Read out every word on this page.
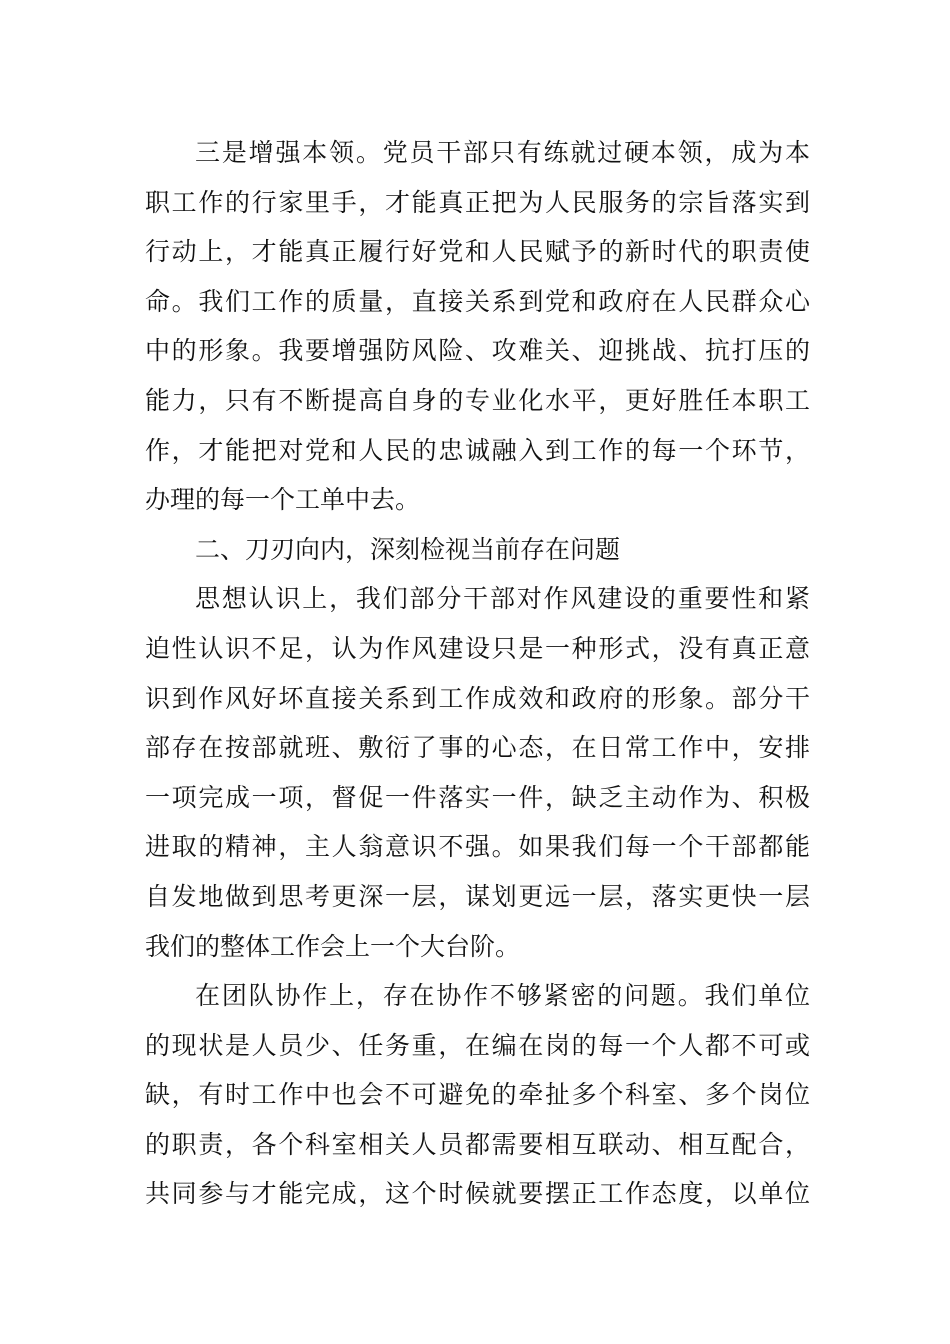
三是增强本领。党员干部只有练就过硬本领，成为本
职工作的行家里手，才能真正把为人民服务的宗旨落实到
行动上，才能真正履行好党和人民赋予的新时代的职责使
命。我们工作的质量，直接关系到党和政府在人民群众心
中的形象。我要增强防风险、攻难关、迎挑战、抗打压的
能力，只有不断提高自身的专业化水平，更好胜任本职工
作，才能把对党和人民的忠诚融入到工作的每一个环节，
办理的每一个工单中去。
二、刀刃向内，深刻检视当前存在问题
思想认识上，我们部分干部对作风建设的重要性和紧
迫性认识不足，认为作风建设只是一种形式，没有真正意
识到作风好坏直接关系到工作成效和政府的形象。部分干
部存在按部就班、敷衍了事的心态，在日常工作中，安排
一项完成一项，督促一件落实一件，缺乏主动作为、积极
进取的精神，主人翁意识不强。如果我们每一个干部都能
自发地做到思考更深一层，谋划更远一层，落实更快一层
我们的整体工作会上一个大台阶。
在团队协作上，存在协作不够紧密的问题。我们单位
的现状是人员少、任务重，在编在岗的每一个人都不可或
缺，有时工作中也会不可避免的牵扯多个科室、多个岗位
的职责，各个科室相关人员都需要相互联动、相互配合，
共同参与才能完成，这个时候就要摆正工作态度，以单位
